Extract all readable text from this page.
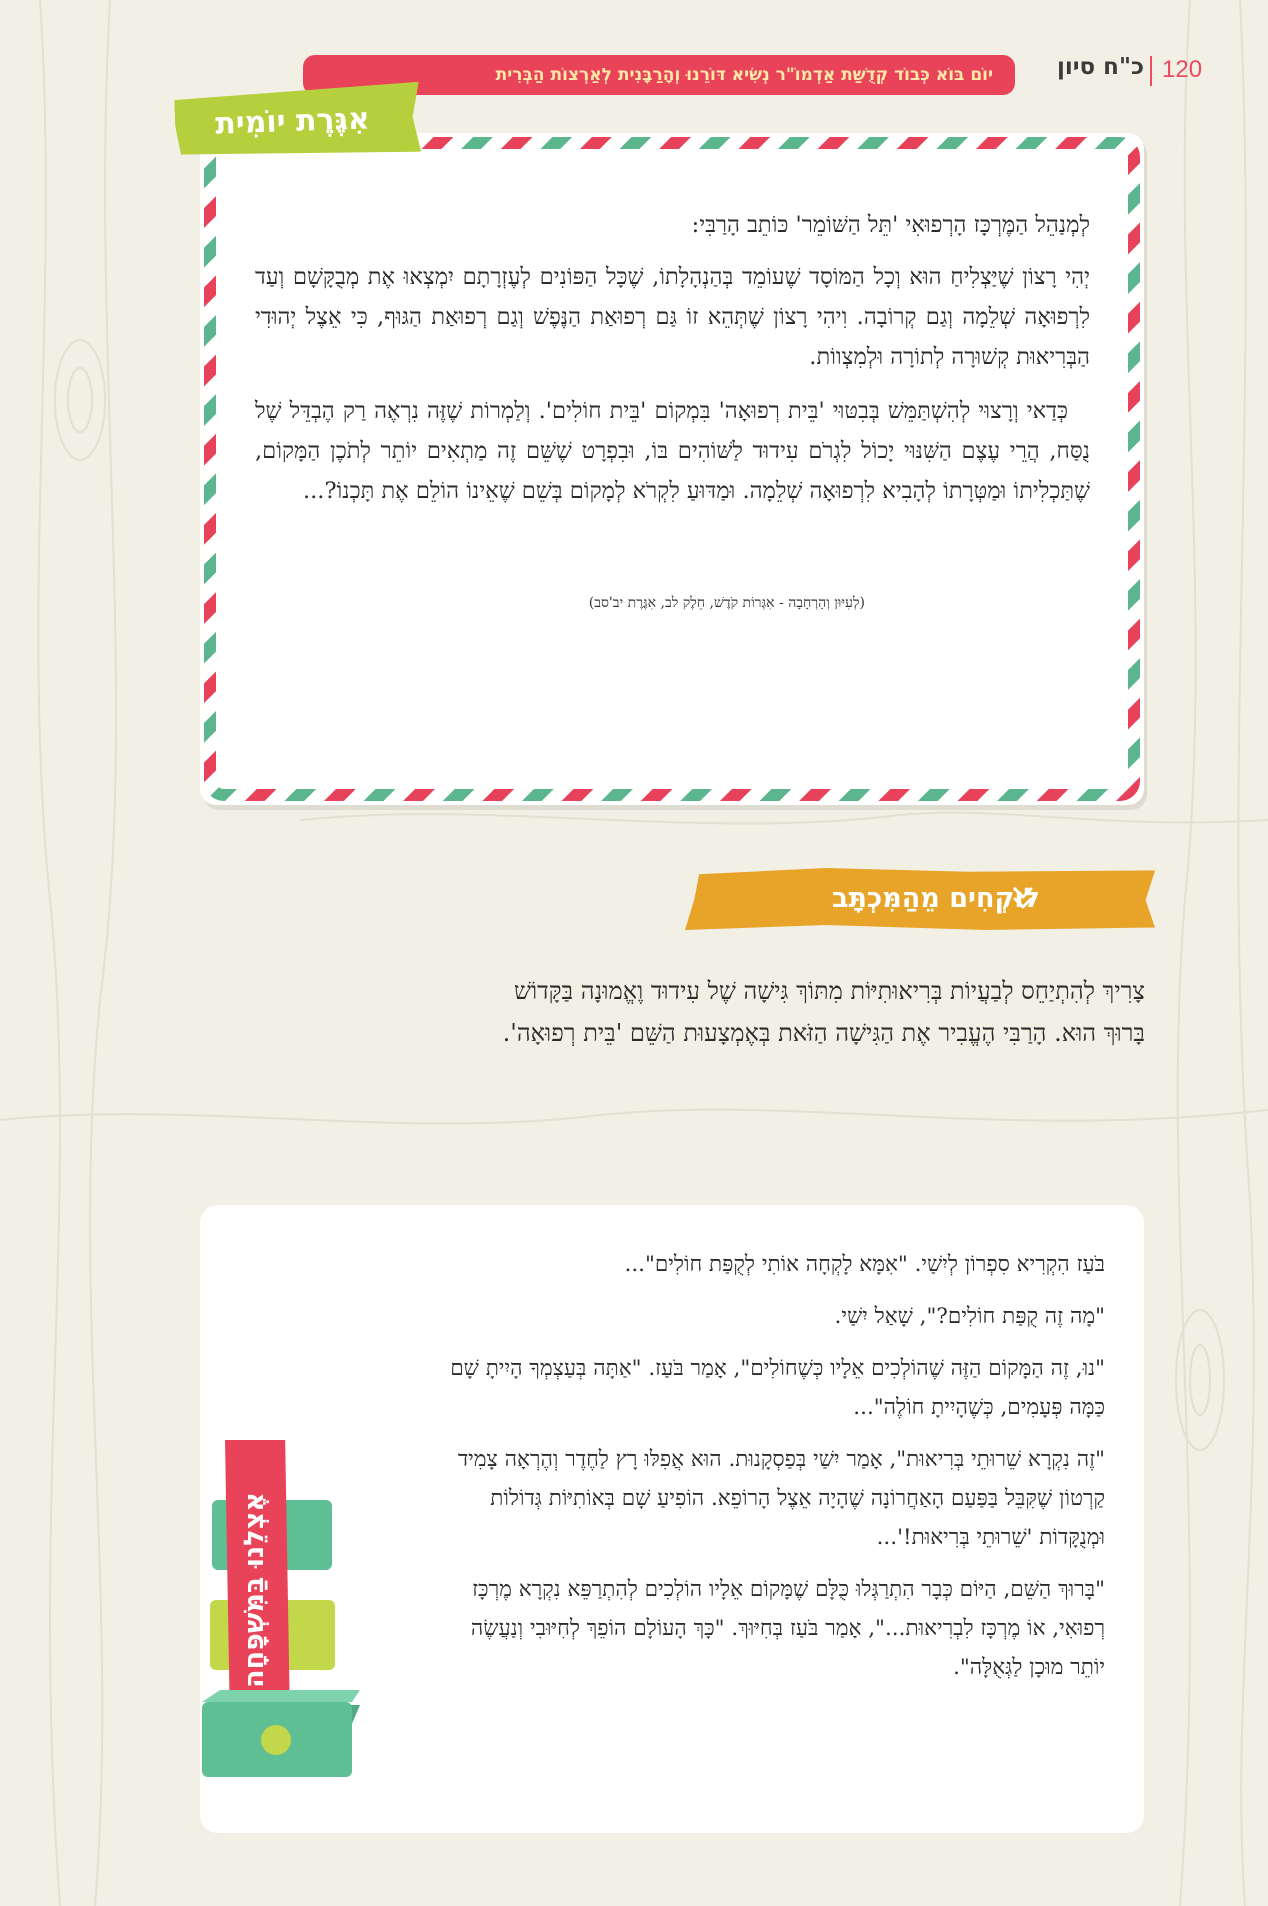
120
כ"ח סיון
יוֹם בּוֹא כְּבוֹד קְדֻשַּׁת אַדְמוֹ"ר נְשִׂיא דּוֹרֵנוּ וְהָרַבָּנִית לְאַרְצוֹת הַבְּרִית
אִגֶּרֶת יוֹמִית

לְמְנַהֵל הַמֶּרְכָּז הָרְפוּאִי 'תֵּל הַשּׁוֹמֵר' כּוֹתֵב הָרַבִּי:

יְהִי רָצוֹן שֶׁיַּצְלִיחַ הוּא וְכָל הַמּוֹסָד שֶׁעוֹמֵד בְּהַנְהָלָתוֹ, שֶׁכָּל הַפּוֹנִים לְעֶזְרָתָם יִמְצְאוּ אֶת מְבֻקָּשָׁם וְעַד לִרְפוּאָה שְׁלֵמָה וְגַם קְרוֹבָה. וִיהִי רָצוֹן שֶׁתְּהֵא זוֹ גַּם רְפוּאַת הַנֶּפֶשׁ וְגַם רְפוּאַת הַגּוּף, כִּי אֵצֶל יְהוּדִי הַבְּרִיאוּת קְשׁוּרָה לְתוֹרָה וּלְמִצְווֹת.

כְּדַאי וְרָצוּי לְהִשְׁתַּמֵּשׁ בְּבִטּוּי 'בֵּית רְפוּאָה' בִּמְקוֹם 'בֵּית חוֹלִים'. וְלַמְרוֹת שֶׁזֶּה נִרְאֶה רַק הֶבְדֵּל שֶׁל נֻסַּח, הֲרֵי עֶצֶם הַשִּׁנּוּי יָכוֹל לִגְרֹם עִידוּד לַשּׁוֹהִים בּוֹ, וּבִפְרָט שֶׁשֵּׁם זֶה מַתְאִים יוֹתֵר לְתֹכֶן הַמָּקוֹם, שֶׁתַּכְלִיתוֹ וּמַטְּרָתוֹ לְהָבִיא לִרְפוּאָה שְׁלֵמָה. וּמַדּוּעַ לִקְרֹא לְמָקוֹם בְּשֵׁם שֶׁאֵינוֹ הוֹלֵם אֶת תָּכְנוֹ?...

(לְעִיּוּן וְהַרְחָבָה - אִגְּרוֹת קֹדֶשׁ, חֵלֶק לב, אִגֶּרֶת יב'סב)
לוֹקְחִים מֵהַמִּכְתָּב
צָרִיךְ לְהִתְיַחֵס לְבַעֲיוֹת בְּרִיאוּתִיּוֹת מִתּוֹךְ גִּישָׁה שֶׁל עִידוּד וֶאֱמוּנָה בַּקָּדוֹשׁ בָּרוּךְ הוּא. הָרַבִּי הֶעֱבִיר אֶת הַגִּישָׁה הַזֹּאת בְּאֶמְצָעוּת הַשֵּׁם 'בֵּית רְפוּאָה'.

בֹּעַז הִקְרִיא סִפְרוֹן לְיִשַׁי. "אִמָּא לָקְחָה אוֹתִי לְקֻפַּת חוֹלִים"...

"מָה זֶה קֻפַּת חוֹלִים?", שָׁאַל יִשַׁי.

"נוּ, זֶה הַמָּקוֹם הַזֶּה שֶׁהוֹלְכִים אֵלָיו כְּשֶׁחוֹלִים", אָמַר בֹּעַז. "אַתָּה בְּעַצְמְךָ הָיִיתָ שָׁם כַּמָּה פְּעָמִים, כְּשֶׁהָיִיתָ חוֹלֶה"...

"זֶה נִקְרָא שֵׁרוּתֵי בְּרִיאוּת", אָמַר יִשַׁי בְּפַסְקָנוּת. הוּא אֲפִלּוּ רָץ לַחֶדֶר וְהֶרְאָה צָמִיד קַרְטוֹן שֶׁקִּבֵּל בַּפַּעַם הָאַחֲרוֹנָה שֶׁהָיָה אֵצֶל הָרוֹפֵא. הוֹפִיעַ שָׁם בְּאוֹתִיּוֹת גְּדוֹלוֹת וּמְנֻקָּדוֹת 'שֵׁרוּתֵי בְּרִיאוּת!'...

"בָּרוּךְ הַשֵּׁם, הַיּוֹם כְּבָר הִתְרַגְּלוּ כֻּלָּם שֶׁמָּקוֹם אֵלָיו הוֹלְכִים לְהִתְרַפֵּא נִקְרָא מֶרְכָּז רְפוּאִי, אוֹ מֶרְכָּז לִבְרִיאוּת...", אָמַר בֹּעַז בְּחִיּוּךְ. "כָּךְ הָעוֹלָם הוֹפֵךְ לְחִיּוּבִי וְנַעֲשֶׂה יוֹתֵר מוּכָן לַגְּאֻלָּה".

אֶצְלֵנוּ בַּמִּשְׁפָּחָה
